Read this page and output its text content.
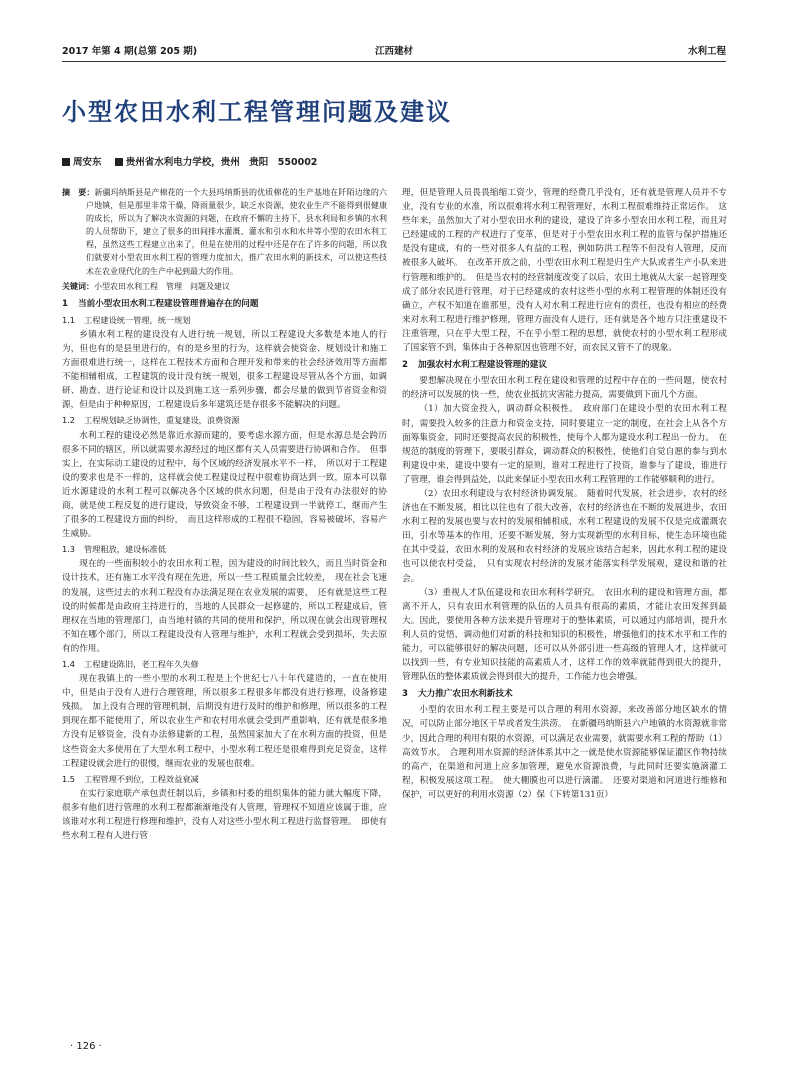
2017 年第 4 期(总第 205 期)	江西建材	水利工程
小型农田水利工程管理问题及建议
周安东	贵州省水利电力学校，贵州　贵阳　550002

摘　要：新疆玛纳斯县是产棉花的一个大县玛纳斯县的优质棉花的生产基地在阡陌边缘的六户地镇，但是那里非常干燥，降雨量很少，缺乏水资源，使农业生产不能得到很健康的成长，所以为了解决水资源的问题，在政府不懈的主持下，县水利局和乡镇的水利的人员帮助下，建立了很多的田间排水灌溉、灌水和引水和水井等小型的农田水利工程，虽然这些工程建立出来了，但是在使用的过程中还是存在了许多的问题，所以我们就要对小型农田水利工程的管理力度加大，推广农田水利的新技术，可以使这些技术在农业现代化的生产中起到最大的作用。

关键词：小型农田水利工程　管理　问题及建议

1 当前小型农田水利工程建设管理普遍存在的问题
1.1 工程建设统一管理，统一规划

乡镇水利工程的建设没有人进行统一规划，所以工程建设大多数是本地人的行为，但也有的是县里进行的，有的是乡里的行为，这样就会使资金、规划设计和施工方面很难进行统一，这样在工程技术方面和合理开发和带来的社会经济效用等方面都不能相辅相成，工程建筑的设计没有统一规划，很多工程建设尽管从各个方面，如调研、勘查、进行论证和设计以及到施工这一系列步骤，都会尽量的做到节省资金和资源，但是由于种种原因，工程建设后多年建筑还是存很多不能解决的问题。

1.2 工程规划缺乏协调性，重复建设，浪费资源

水利工程的建设必然是靠近水源而建的，要考虑水源方面，但是水源总是会跨历很多不同的辖区，所以就需要水源经过的地区都有关人员需要进行协调和合作。　但事实上，在实际动工建设的过程中，每个区域的经济发展水平不一样，　所以对于工程建设的要求也是不一样的，这样就会使工程建设过程中很难协商达到一致，原本可以靠近水源建设的水利工程可以解决各个区域的供水问题，但是由于没有办法很好的协商，就是使工程反复的进行建设，导致资金不够，工程建设到一半就停工，继而产生了很多的工程建设方面的纠纷，　而且这样形成的工程很不稳固，容易被破坏，容易产生威胁。

1.3 管理粗放，建设标准低

现在的一些面积较小的农田水利工程，因为建设的时间比较久，而且当时资金和设计技术，还有施工水平没有现在先进，所以一些工程质量会比较差，　现在社会飞速的发展，这些过去的水利工程没有办法满足现在农业发展的需要，　还有就是这些工程设的时候都是由政府主持进行的，当地的人民群众一起修建的，所以工程建成后，管理权在当地的管理部门，由当地村镇的共同的使用和保护，所以现在就会出现管理权不知在哪个部门，所以工程建设没有人管理与维护，水利工程就会受到损坏，失去原有的作用。

1.4 工程建设陈旧，老工程年久失修

现在我镇上的一些小型的水利工程是上个世纪七八十年代建造的，一直在使用中，但是由于没有人进行合理管理，所以很多工程很多年都没有进行修理，设备修建残损。　加上没有合理的管理机制，后期没有进行及时的维护和修理，所以很多的工程到现在都不能使用了，所以农业生产和农村用水就会受到严重影响，还有就是很多地方没有足够资金，没有办法修建新的工程，虽然国家加大了在水利方面的投资，但是这些资金大多使用在了大型水利工程中，小型水利工程还是很难得到充足资金，这样工程建设就会进行的很慢，继而农业的发展也很难。

1.5 工程管理不到位，工程效益衰减

在实行家庭联产承包责任制以后，乡镇和村委的组织集体的能力就大幅度下降，很多有他们进行管理的水利工程都渐渐地没有人管理，管理权不知道应该属于谁，应该谁对水利工程进行修理和维护，没有人对这些小型水利工程进行监督管理。　即使有些水利工程有人进行管

理，但是管理人员畏畏缩缩工资少，管理的经费几乎没有，还有就是管理人员并不专业，没有专业的水准，所以很难将水利工程管理好，水利工程很难维持正常运作。　这些年来，虽然加大了对小型农田水利的建设，建设了许多小型农田水利工程，而且对已经建成的工程的产权进行了变革，但是对于小型农田水利工程的监管与保护措施还是没有建成，有的一些对很多人有益的工程，例如防洪工程等不但没有人管理，反而被很多人破坏。　在改革开放之前，小型农田水利工程是归生产大队或者生产小队来进行管理和维护的。　但是当农村的经营制度改变了以后，农田土地就从大家一起管理变成了部分农民进行管理，对于已经建成的农村这些小型的水利工程管理的体制还没有确立，产权不知道在谁那里，没有人对水利工程进行应有的责任，也没有相应的经费来对水利工程进行维护修理，管理方面没有人进行，还有就是各个地方只注重建设不注重管理，只在乎大型工程，不在乎小型工程的思想，就使农村的小型水利工程形成了国家管不到，集体由于各种原因也管理不好，而农民又管不了的现象。

2 加强农村水利工程建设管理的建议

要想解决现在小型农田水利工程在建设和管理的过程中存在的一些问题，使农村的经济可以发展的快一些，使农业抵抗灾害能力提高，需要做到下面几个方面。

（1）加大资金投入，调动群众积极性。　政府部门在建设小型的农田水利工程时，需要投入较多的注意力和资金支持，同时要建立一定的制度，在社会上从各个方面筹集资金，同时还要提高农民的积极性，使每个人都为建设水利工程出一份力。　在规范的制度的管理下，要吸引群众，调动群众的积极性，使他们自觉自愿的参与到水利建设中来，建设中要有一定的原则，谁对工程进行了投资，谁参与了建设，谁进行了管理，谁会得到益处，以此来保证小型农田水利工程管理的工作能够顺利的进行。

（2）农田水利建设与农村经济协调发展。　随着时代发展，社会进步，农村的经济也在不断发展，相比以往也有了很大改善，农村的经济也在不断的发展进步，农田水利工程的发展也要与农村的发展相辅相成，水利工程建设的发展不仅是完成灌溉农田，引水等基本的作用，还要不断发展，努力实现新型的水利目标，使生态环境也能在其中受益，农田水利的发展和农村经济的发展应该结合起来，因此水利工程的建设也可以使农村受益，　只有实现农村经济的发展才能落实科学发展观，建设和谐的社会。

（3）重视人才队伍建设和农田水利科学研究。　农田水利的建设和管理方面，都离不开人，只有农田水利管理的队伍的人员具有很高的素质，才能让农田发挥到最大。因此，要使用各种方法来提升管理对于的整体素质，可以通过内部培训，提升水利人员的觉悟，调动他们对新的科技和知识的积极性，增强他们的技术水平和工作的能力，可以能够很好的解决问题，还可以从外部引进一些高级的管理人才，这样就可以找到一些，有专业知识技能的高素质人才，这样工作的效率就能得到很大的提升，管理队伍的整体素质就会得到很大的提升，工作能力也会增强。

3 大力推广农田水利新技术

小型的农田水利工程主要是可以合理的利用水资源，来改善部分地区缺水的情况，可以防止部分地区干旱或者发生洪涝。　在新疆玛纳斯县六户地镇的水资源就非常少，因此合理的利用有限的水资源，可以满足农业需要，就需要水利工程的帮助（1）高效节水。　合理利用水资源的经济体系其中之一就是使水资源能够保证灌区作物持续的高产，在渠道和河道上应多加管理，避免水资源浪费，与此同时还要实施滴灌工程，积极发展这项工程。　使大棚膜也可以进行滴灌。　还要对渠道和河道进行维修和保护，可以更好的利用水资源（2）保（下转第131页）

· 126 ·
